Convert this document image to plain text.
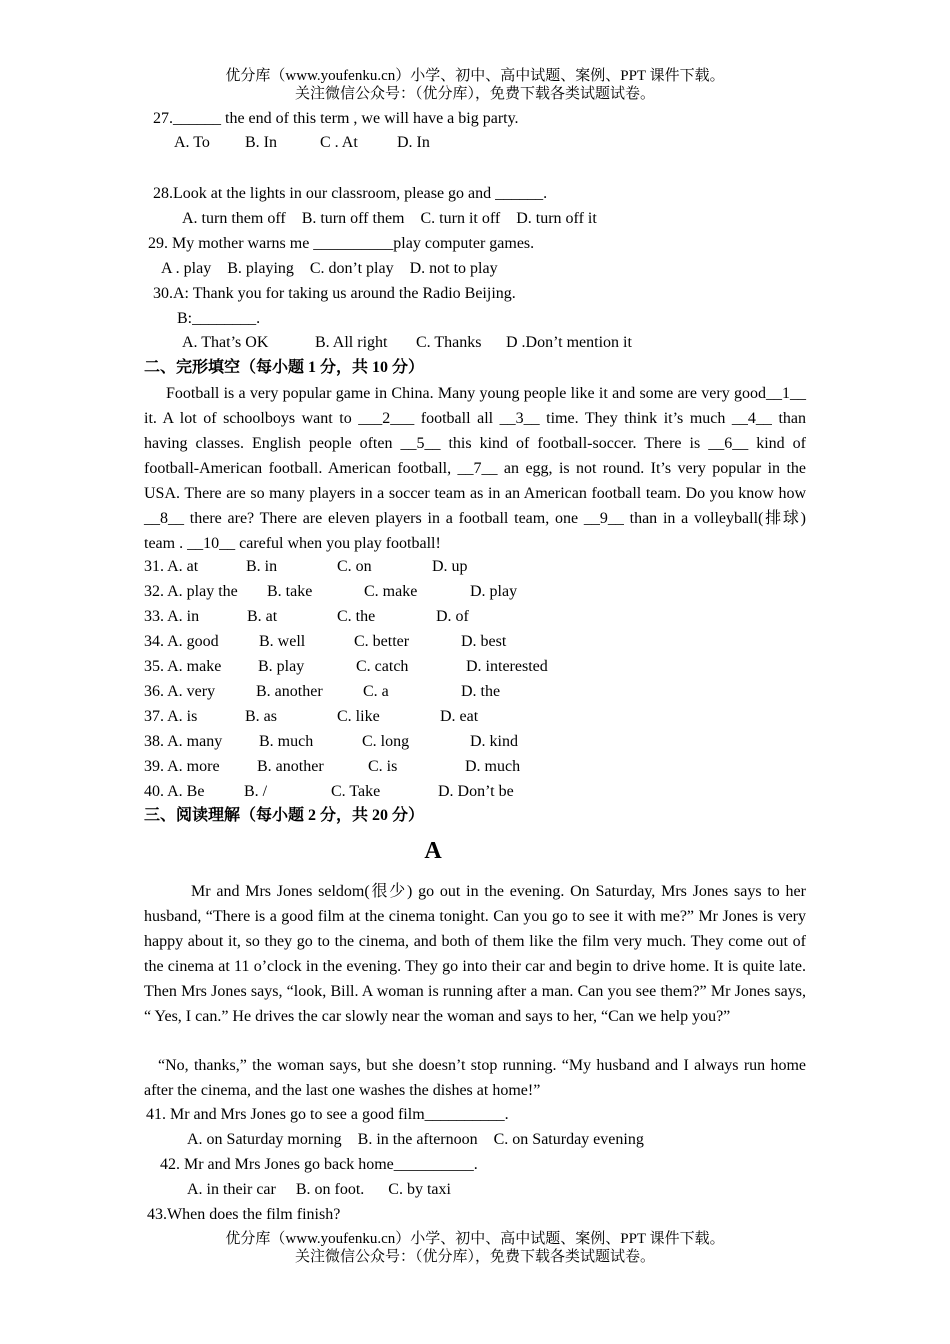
优分库（www.youfenku.cn）小学、初中、高中试题、案例、PPT 课件下载。
关注微信公众号：（优分库），免费下载各类试题试卷。
27.______ the end of this term , we will have a big party.
A. To B. In	C . At D. In
28.Look at the lights in our classroom, please go and ______.
A. turn them off    B. turn off them    C. turn it off    D. turn off it
29. My mother warns me __________play computer games.
A . play    B. playing    C. don’t play    D. not to play
30.A: Thank you for taking us around the Radio Beijing.
B:________.
A. That’s OK	B. All right C. Thanks D .Don’t mention it
二、完形填空（每小题 1 分，共 10 分）
Football is a very popular game in China. Many young people like it and some are very good__1__ it. A lot of schoolboys want to ___2___ football all __3__ time. They think it’s much __4__ than having classes. English people often __5__ this kind of football-soccer. There is __6__ kind of football-American football. American football, __7__ an egg, is not round. It’s very popular in the USA. There are so many players in a soccer team as in an American football team. Do you know how __8__ there are? There are eleven players in a football team, one __9__ than in a volleyball(排球) team . __10__ careful when you play football!
31. A. at	B. in	C. on	D. up
32. A. play the B. take	C. make	D. play
33. A. in	B. at	C. the	D. of
34. A. good	B. well	C. better	D. best
35. A. make B. play	C. catch	D. interested
36. A. very	B. another	C. a	D. the
37. A. is	B. as	C. like	D. eat
38. A. many B. much	C. long	D. kind
39. A. more B. another	C. is	D. much
40. A. Be B. /	C. Take	D. Don’t be
三、阅读理解（每小题 2 分，共 20 分）
A
Mr and Mrs Jones seldom(很少) go out in the evening. On Saturday, Mrs Jones says to her husband, “There is a good film at the cinema tonight. Can you go to see it with me?” Mr Jones is very happy about it, so they go to the cinema, and both of them like the film very much. They come out of the cinema at 11 o’clock in the evening. They go into their car and begin to drive home. It is quite late. Then Mrs Jones says, “look, Bill. A woman is running after a man. Can you see them?” Mr Jones says, “ Yes, I can.” He drives the car slowly near the woman and says to her, “Can we help you?”
“No, thanks,” the woman says, but she doesn’t stop running. “My husband and I always run home after the cinema, and the last one washes the dishes at home!”
41. Mr and Mrs Jones go to see a good film__________.
A. on Saturday morning    B. in the afternoon    C. on Saturday evening
42. Mr and Mrs Jones go back home__________.
A. in their car     B. on foot.      C. by taxi
43.When does the film finish?
优分库（www.youfenku.cn）小学、初中、高中试题、案例、PPT 课件下载。
关注微信公众号：（优分库），免费下载各类试题试卷。
